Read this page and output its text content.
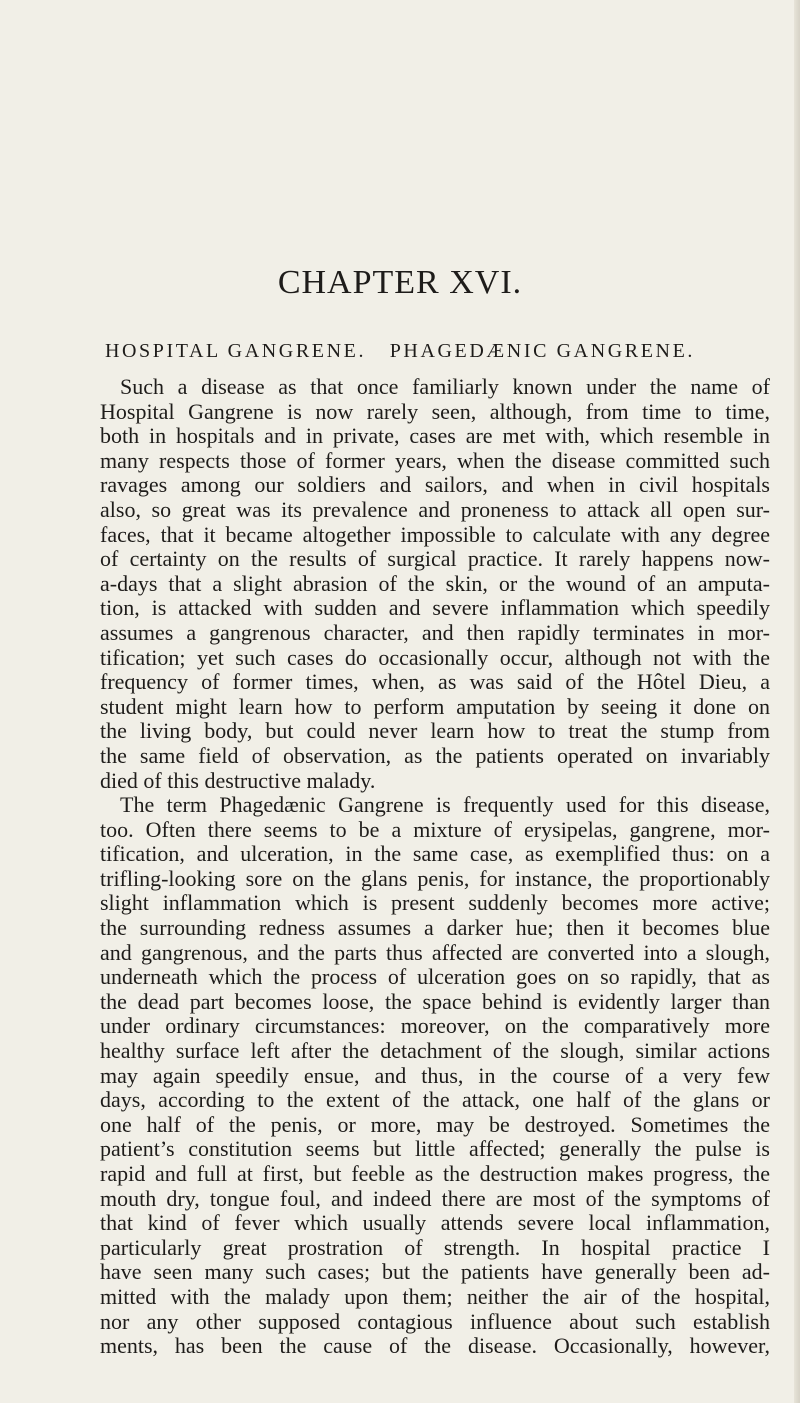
CHAPTER XVI.
HOSPITAL GANGRENE. PHAGEDÆNIC GANGRENE.
Such a disease as that once familiarly known under the name of
Hospital Gangrene is now rarely seen, although, from time to time,
both in hospitals and in private, cases are met with, which resemble in
many respects those of former years, when the disease committed such
ravages among our soldiers and sailors, and when in civil hospitals
also, so great was its prevalence and proneness to attack all open sur-
faces, that it became altogether impossible to calculate with any degree
of certainty on the results of surgical practice. It rarely happens now-
a-days that a slight abrasion of the skin, or the wound of an amputa-
tion, is attacked with sudden and severe inflammation which speedily
assumes a gangrenous character, and then rapidly terminates in mor-
tification; yet such cases do occasionally occur, although not with the
frequency of former times, when, as was said of the Hôtel Dieu, a
student might learn how to perform amputation by seeing it done on
the living body, but could never learn how to treat the stump from
the same field of observation, as the patients operated on invariably
died of this destructive malady.
The term Phagedænic Gangrene is frequently used for this disease,
too. Often there seems to be a mixture of erysipelas, gangrene, mor-
tification, and ulceration, in the same case, as exemplified thus: on a
trifling-looking sore on the glans penis, for instance, the proportionably
slight inflammation which is present suddenly becomes more active;
the surrounding redness assumes a darker hue; then it becomes blue
and gangrenous, and the parts thus affected are converted into a slough,
underneath which the process of ulceration goes on so rapidly, that as
the dead part becomes loose, the space behind is evidently larger than
under ordinary circumstances: moreover, on the comparatively more
healthy surface left after the detachment of the slough, similar actions
may again speedily ensue, and thus, in the course of a very few
days, according to the extent of the attack, one half of the glans or
one half of the penis, or more, may be destroyed. Sometimes the
patient’s constitution seems but little affected; generally the pulse is
rapid and full at first, but feeble as the destruction makes progress, the
mouth dry, tongue foul, and indeed there are most of the symptoms of
that kind of fever which usually attends severe local inflammation,
particularly great prostration of strength. In hospital practice I
have seen many such cases; but the patients have generally been ad-
mitted with the malady upon them; neither the air of the hospital,
nor any other supposed contagious influence about such establish
ments, has been the cause of the disease. Occasionally, however,
